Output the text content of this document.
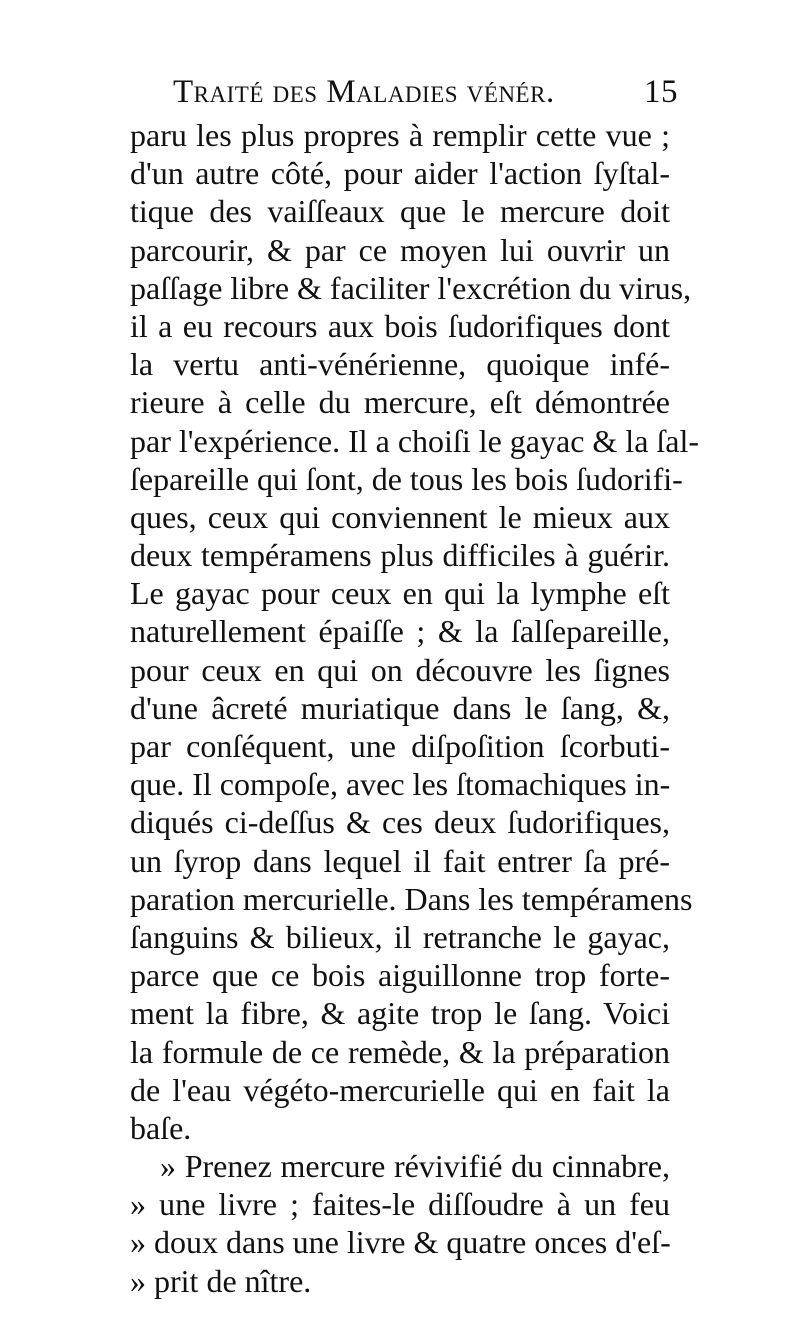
Traité des Maladies vénér.	15
paru les plus propres à remplir cette vue ;
d'un autre côté, pour aider l'action ſyſtal-
tique des vaiſſeaux que le mercure doit
parcourir, & par ce moyen lui ouvrir un
paſſage libre & faciliter l'excrétion du virus,
il a eu recours aux bois ſudorifiques dont
la vertu anti-vénérienne, quoique infé-
rieure à celle du mercure, eſt démontrée
par l'expérience. Il a choiſi le gayac & la ſal-
ſepareille qui ſont, de tous les bois ſudorifi-
ques, ceux qui conviennent le mieux aux
deux tempéramens plus difficiles à guérir.
Le gayac pour ceux en qui la lymphe eſt
naturellement épaiſſe ; & la ſalſepareille,
pour ceux en qui on découvre les ſignes
d'une âcreté muriatique dans le ſang, &,
par conſéquent, une diſpoſition ſcorbuti-
que. Il compoſe, avec les ſtomachiques in-
diqués ci-deſſus & ces deux ſudorifiques,
un ſyrop dans lequel il fait entrer ſa pré-
paration mercurielle. Dans les tempéramens
ſanguins & bilieux, il retranche le gayac,
parce que ce bois aiguillonne trop forte-
ment la fibre, & agite trop le ſang. Voici
la formule de ce remède, & la préparation
de l'eau végéto-mercurielle qui en fait la
baſe.
» Prenez mercure révivifié du cinnabre,
» une livre ; faites-le diſſoudre à un feu
» doux dans une livre & quatre onces d'eſ-
» prit de nître.
